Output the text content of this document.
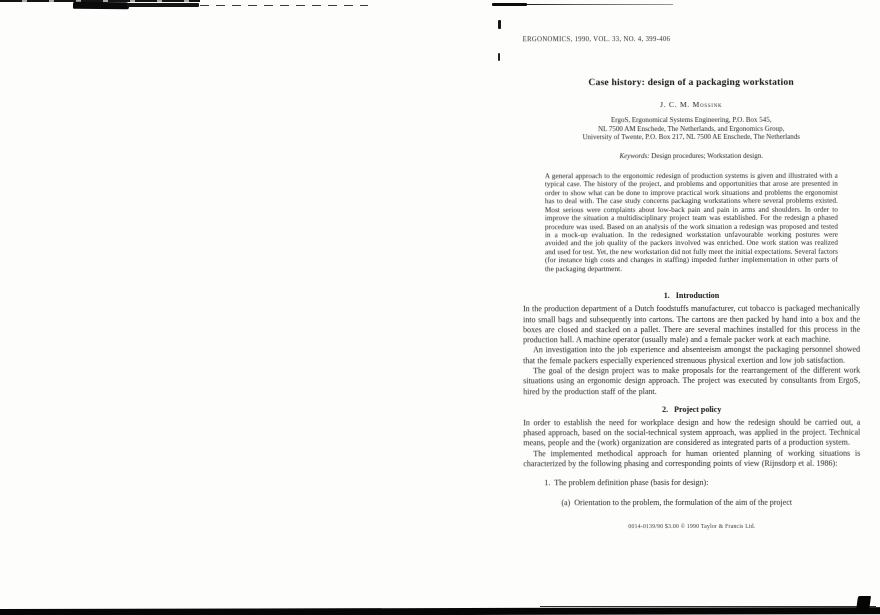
ERGONOMICS, 1990, VOL. 33, NO. 4, 399-406
Case history: design of a packaging workstation
J. C. M. Mossink
ErgoS, Ergonomical Systems Engineering, P.O. Box 545,
NL 7500 AM Enschede, The Netherlands, and Ergonomics Group,
University of Twente, P.O. Box 217, NL 7500 AE Enschede, The Netherlands
Keywords: Design procedures; Workstation design.
A general approach to the ergonomic redesign of production systems is given and illustrated with a typical case. The history of the project, and problems and opportunities that arose are presented in order to show what can be done to improve practical work situations and problems the ergonomist has to deal with. The case study concerns packaging workstations where several problems existed. Most serious were complaints about low-back pain and pain in arms and shoulders. In order to improve the situation a multidisciplinary project team was established. For the redesign a phased procedure was used. Based on an analysis of the work situation a redesign was proposed and tested in a mock-up evaluation. In the redesigned workstation unfavourable working postures were avoided and the job quality of the packers involved was enriched. One work station was realized and used for test. Yet, the new workstation did not fully meet the initial expectations. Several factors (for instance high costs and changes in staffing) impeded further implementation in other parts of the packaging department.
1.   Introduction
In the production department of a Dutch foodstuffs manufacturer, cut tobacco is packaged mechanically into small bags and subsequently into cartons. The cartons are then packed by hand into a box and the boxes are closed and stacked on a pallet. There are several machines installed for this process in the production hall. A machine operator (usually male) and a female packer work at each machine.
An investigation into the job experience and absenteeism amongst the packaging personnel showed that the female packers especially experienced strenuous physical exertion and low job satisfaction.
The goal of the design project was to make proposals for the rearrangement of the different work situations using an ergonomic design approach. The project was executed by consultants from ErgoS, hired by the production staff of the plant.
2.   Project policy
In order to establish the need for workplace design and how the redesign should be carried out, a phased approach, based on the social-technical system approach, was applied in the project. Technical means, people and the (work) organization are considered as integrated parts of a production system.
The implemented methodical approach for human oriented planning of working situations is characterized by the following phasing and corresponding points of view (Rijnsdorp et al. 1986):
1.  The problem definition phase (basis for design):
(a)  Orientation to the problem, the formulation of the aim of the project
0014-0139/90 $3.00 © 1990 Taylor & Francis Ltd.
